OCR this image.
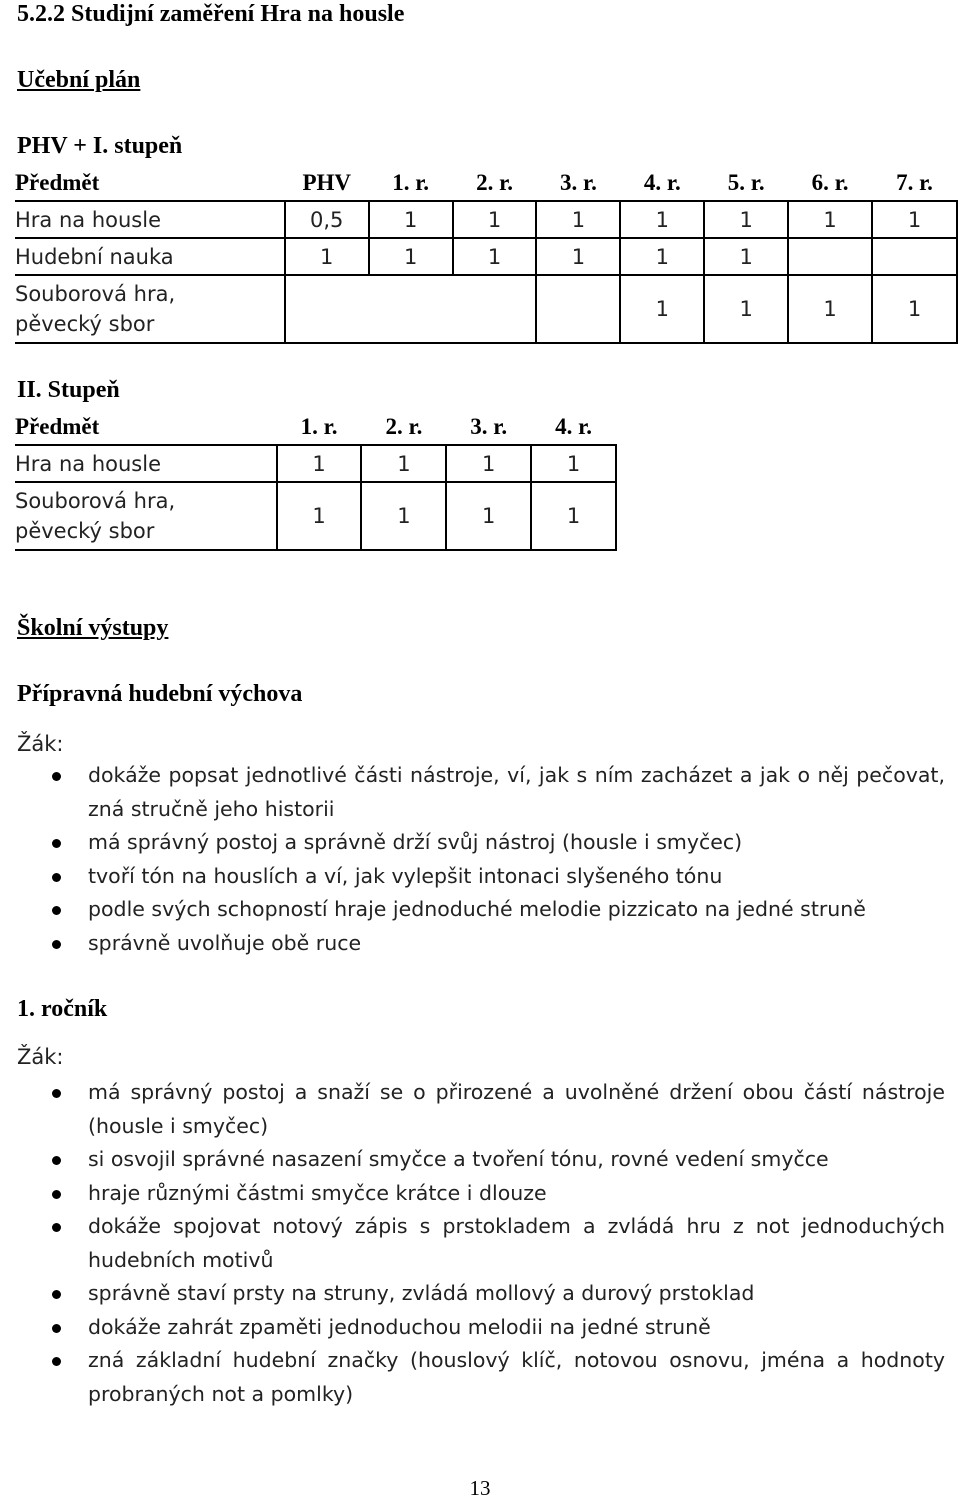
5.2.2 Studijní zaměření Hra na housle
Učební plán
PHV + I. stupeň
Předmět	PHV	1. r.	2. r.	3. r.	4. r.	5. r.	6. r.	7. r.
Hra na housle	0,5	1	1	1	1	1	1	1
Hudební nauka	1	1	1	1	1	1		
Souborová hra,
pěvecký sbor					1	1	1	1
II. Stupeň
Předmět	1. r.	2. r.	3. r.	4. r.
Hra na housle	1	1	1	1
Souborová hra,
pěvecký sbor	1	1	1	1
Školní výstupy
Přípravná hudební výchova
Žák:
dokáže popsat jednotlivé části nástroje, ví, jak s ním zacházet a jak o něj pečovat, zná stručně jeho historii
má správný postoj a správně drží svůj nástroj (housle i smyčec)
tvoří tón na houslích a ví, jak vylepšit intonaci slyšeného tónu
podle svých schopností hraje jednoduché melodie pizzicato na jedné struně
správně uvolňuje obě ruce
1. ročník
Žák:
má správný postoj a snaží se o přirozené a uvolněné držení obou částí nástroje (housle i smyčec)
si osvojil správné nasazení smyčce a tvoření tónu, rovné vedení smyčce
hraje různými částmi smyčce krátce i dlouze
dokáže spojovat notový zápis s prstokladem a zvládá hru z not jednoduchých hudebních motivů
správně staví prsty na struny, zvládá mollový a durový prstoklad
dokáže zahrát zpaměti jednoduchou melodii na jedné struně
zná základní hudební značky (houslový klíč, notovou osnovu, jména a hodnoty probraných not a pomlky)
13
